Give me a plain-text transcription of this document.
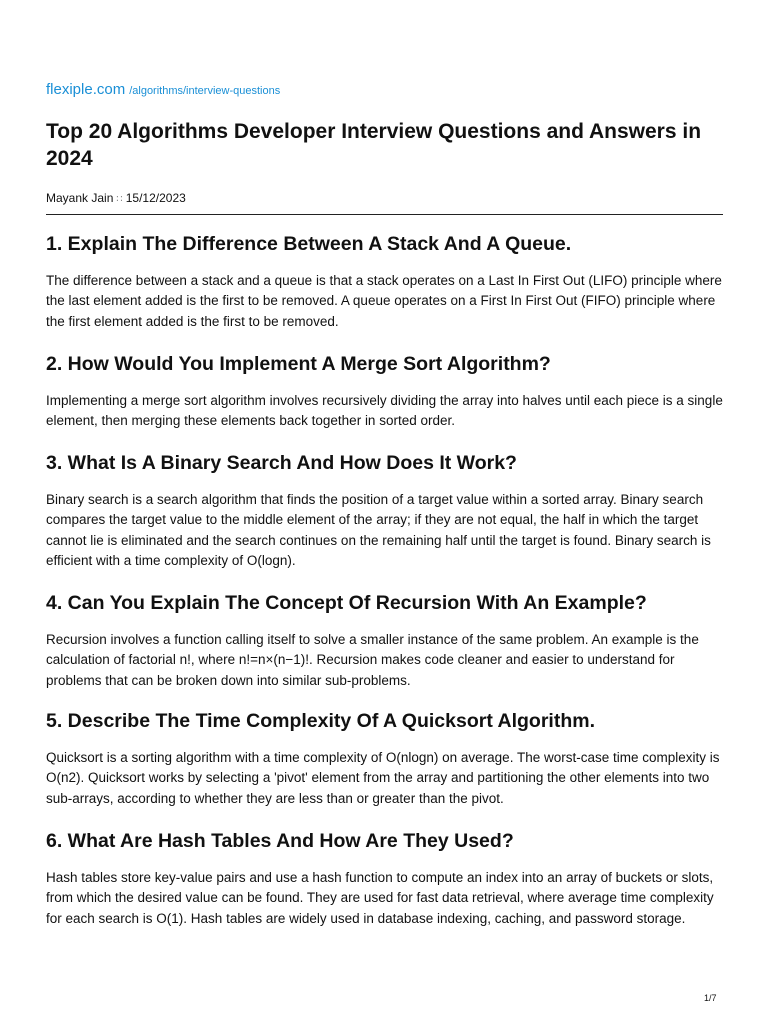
flexiple.com /algorithms/interview-questions
Top 20 Algorithms Developer Interview Questions and Answers in 2024
Mayank Jain ∷ 15/12/2023
1. Explain The Difference Between A Stack And A Queue.

The difference between a stack and a queue is that a stack operates on a Last In First Out (LIFO) principle where the last element added is the first to be removed. A queue operates on a First In First Out (FIFO) principle where the first element added is the first to be removed.

2. How Would You Implement A Merge Sort Algorithm?

Implementing a merge sort algorithm involves recursively dividing the array into halves until each piece is a single element, then merging these elements back together in sorted order.

3. What Is A Binary Search And How Does It Work?

Binary search is a search algorithm that finds the position of a target value within a sorted array. Binary search compares the target value to the middle element of the array; if they are not equal, the half in which the target cannot lie is eliminated and the search continues on the remaining half until the target is found. Binary search is efficient with a time complexity of O(logn).

4. Can You Explain The Concept Of Recursion With An Example?

Recursion involves a function calling itself to solve a smaller instance of the same problem. An example is the calculation of factorial n!, where n!=n×(n−1)!. Recursion makes code cleaner and easier to understand for problems that can be broken down into similar sub-problems.

5. Describe The Time Complexity Of A Quicksort Algorithm.

Quicksort is a sorting algorithm with a time complexity of O(nlogn) on average. The worst-case time complexity is O(n2). Quicksort works by selecting a 'pivot' element from the array and partitioning the other elements into two sub-arrays, according to whether they are less than or greater than the pivot.

6. What Are Hash Tables And How Are They Used?

Hash tables store key-value pairs and use a hash function to compute an index into an array of buckets or slots, from which the desired value can be found. They are used for fast data retrieval, where average time complexity for each search is O(1). Hash tables are widely used in database indexing, caching, and password storage.

1/7
